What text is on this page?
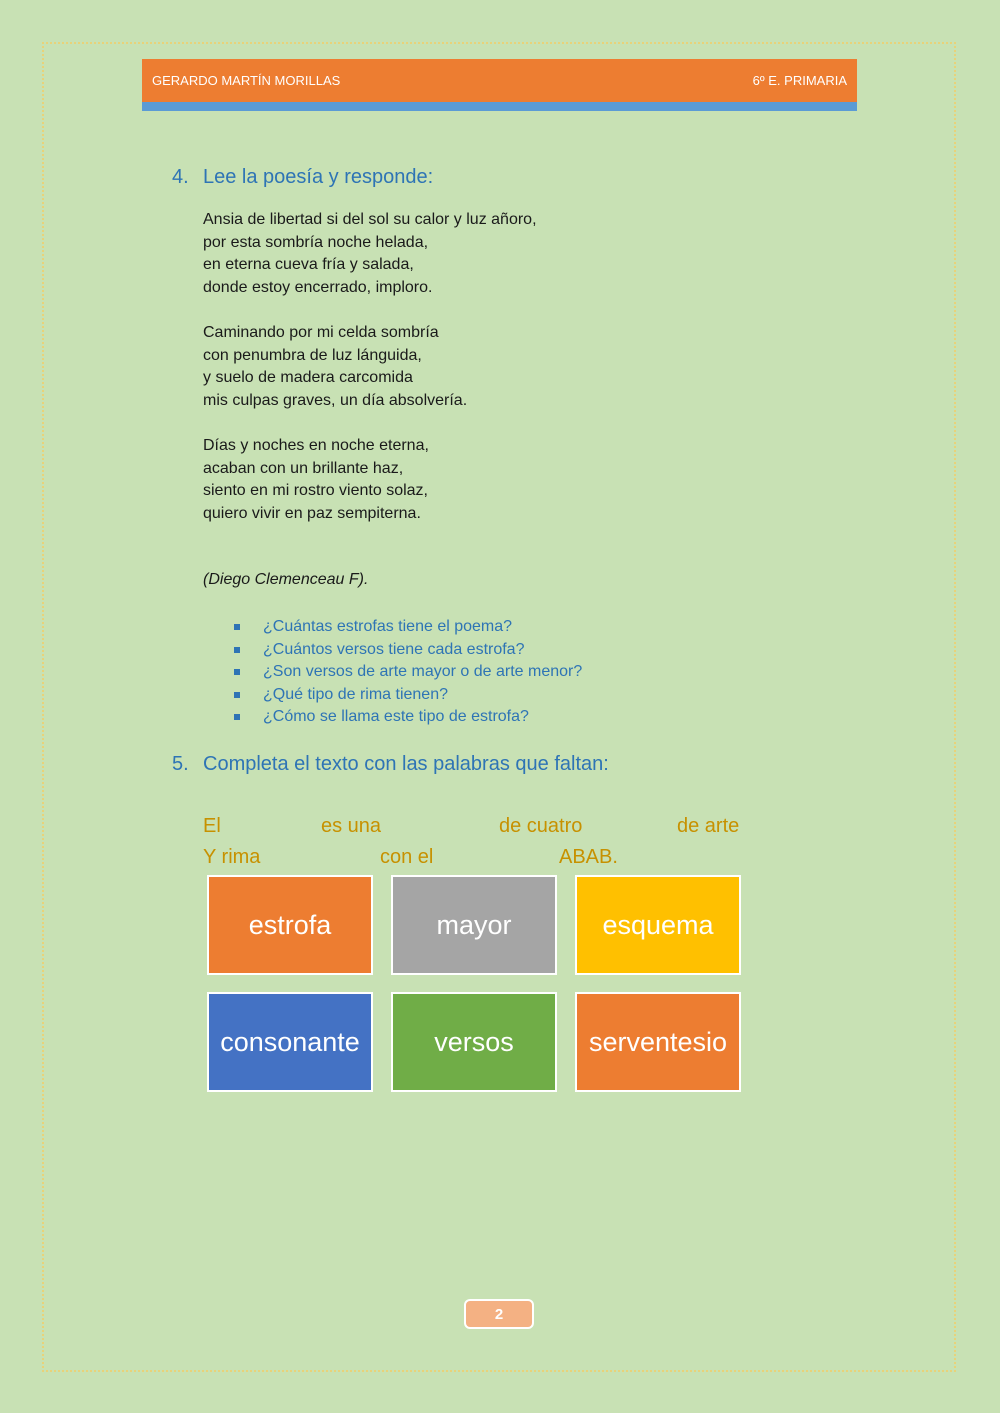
GERARDO MARTÍN MORILLAS	6º E. PRIMARIA
4. Lee la poesía y responde:
Ansia de libertad si del sol su calor y luz añoro,
por esta sombría noche helada,
en eterna cueva fría y salada,
donde estoy encerrado, imploro.
Caminando por mi celda sombría
con penumbra de luz lánguida,
y suelo de madera carcomida
mis culpas graves, un día absolvería.
Días y noches en noche eterna,
acaban con un brillante haz,
siento en mi rostro viento solaz,
quiero vivir en paz sempiterna.
(Diego Clemenceau F).
¿Cuántas estrofas tiene el poema?
¿Cuántos versos tiene cada estrofa?
¿Son versos de arte mayor o de arte menor?
¿Qué tipo de rima tienen?
¿Cómo se llama este tipo de estrofa?
5. Completa el texto con las palabras que faltan:
El	es una	de cuatro	de arte
Y rima	con el	ABAB.
estrofa	mayor	esquema
consonante	versos	serventesio
2
